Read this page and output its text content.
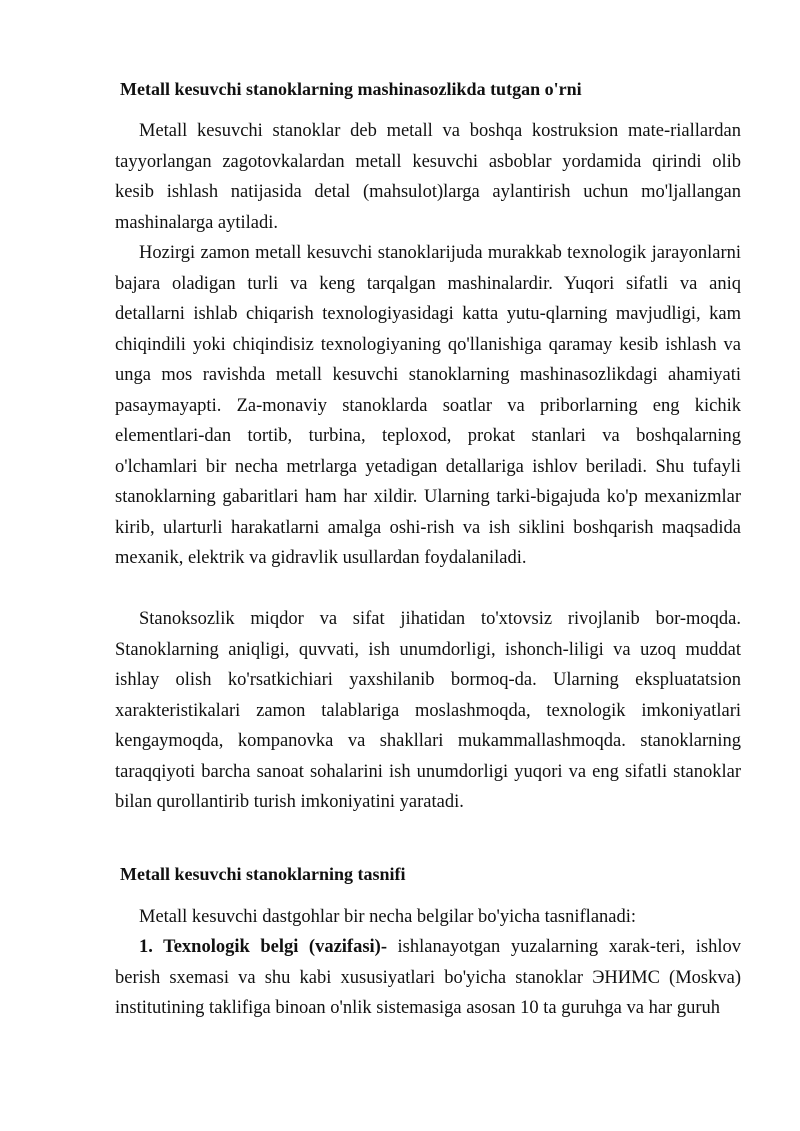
Metall kesuvchi stanoklarning mashinasozlikda tutgan o'rni

Metall kesuvchi stanoklar deb metall va boshqa kostruksion mate-riallardan tayyorlangan zagotovkalardan metall kesuvchi asboblar yordamida qirindi olib kesib ishlash natijasida detal (mahsulot)larga aylantirish uchun mo'ljallangan mashinalarga aytiladi.

Hozirgi zamon metall kesuvchi stanoklarijuda murakkab texnologik jarayonlarni bajara oladigan turli va keng tarqalgan mashinalardir. Yuqori sifatli va aniq detallarni ishlab chiqarish texnologiyasidagi katta yutu-qlarning mavjudligi, kam chiqindili yoki chiqindisiz texnologiyaning qo'llanishiga qaramay kesib ishlash va unga mos ravishda metall kesuvchi stanoklarning mashinasozlikdagi ahamiyati pasaymayapti. Za-monaviy stanoklarda soatlar va priborlarning eng kichik elementlari-dan tortib, turbina, teploxod, prokat stanlari va boshqalarning o'lchamlari bir necha metrlarga yetadigan detallariga ishlov beriladi. Shu tufayli stanoklarning gabaritlari ham har xildir. Ularning tarki-bigajuda ko'p mexanizmlar kirib, ularturli harakatlarni amalga oshi-rish va ish siklini boshqarish maqsadida mexanik, elektrik va gidravlik usullardan foydalaniladi.

Stanoksozlik miqdor va sifat jihatidan to'xtovsiz rivojlanib bor-moqda. Stanoklarning aniqligi, quvvati, ish unumdorligi, ishonch-liligi va uzoq muddat ishlay olish ko'rsatkichiari yaxshilanib bormoq-da. Ularning ekspluatatsion xarakteristikalari zamon talablariga moslashmoqda, texnologik imkoniyatlari kengaymoqda, kompanovka va shakllari mukammallashmoqda. stanoklarning taraqqiyoti barcha sanoat sohalarini ish unumdorligi yuqori va eng sifatli stanoklar bilan qurollantirib turish imkoniyatini yaratadi.

Metall kesuvchi stanoklarning tasnifi

Metall kesuvchi dastgohlar bir necha belgilar bo'yicha tasniflanadi:

1. Texnologik belgi (vazifasi)- ishlanayotgan yuzalarning xarak-teri, ishlov berish sxemasi va shu kabi xususiyatlari bo'yicha stanoklar ЭНИМС (Moskva) institutining taklifiga binoan o'nlik sistemasiga asosan 10 ta guruhga va har guruh
